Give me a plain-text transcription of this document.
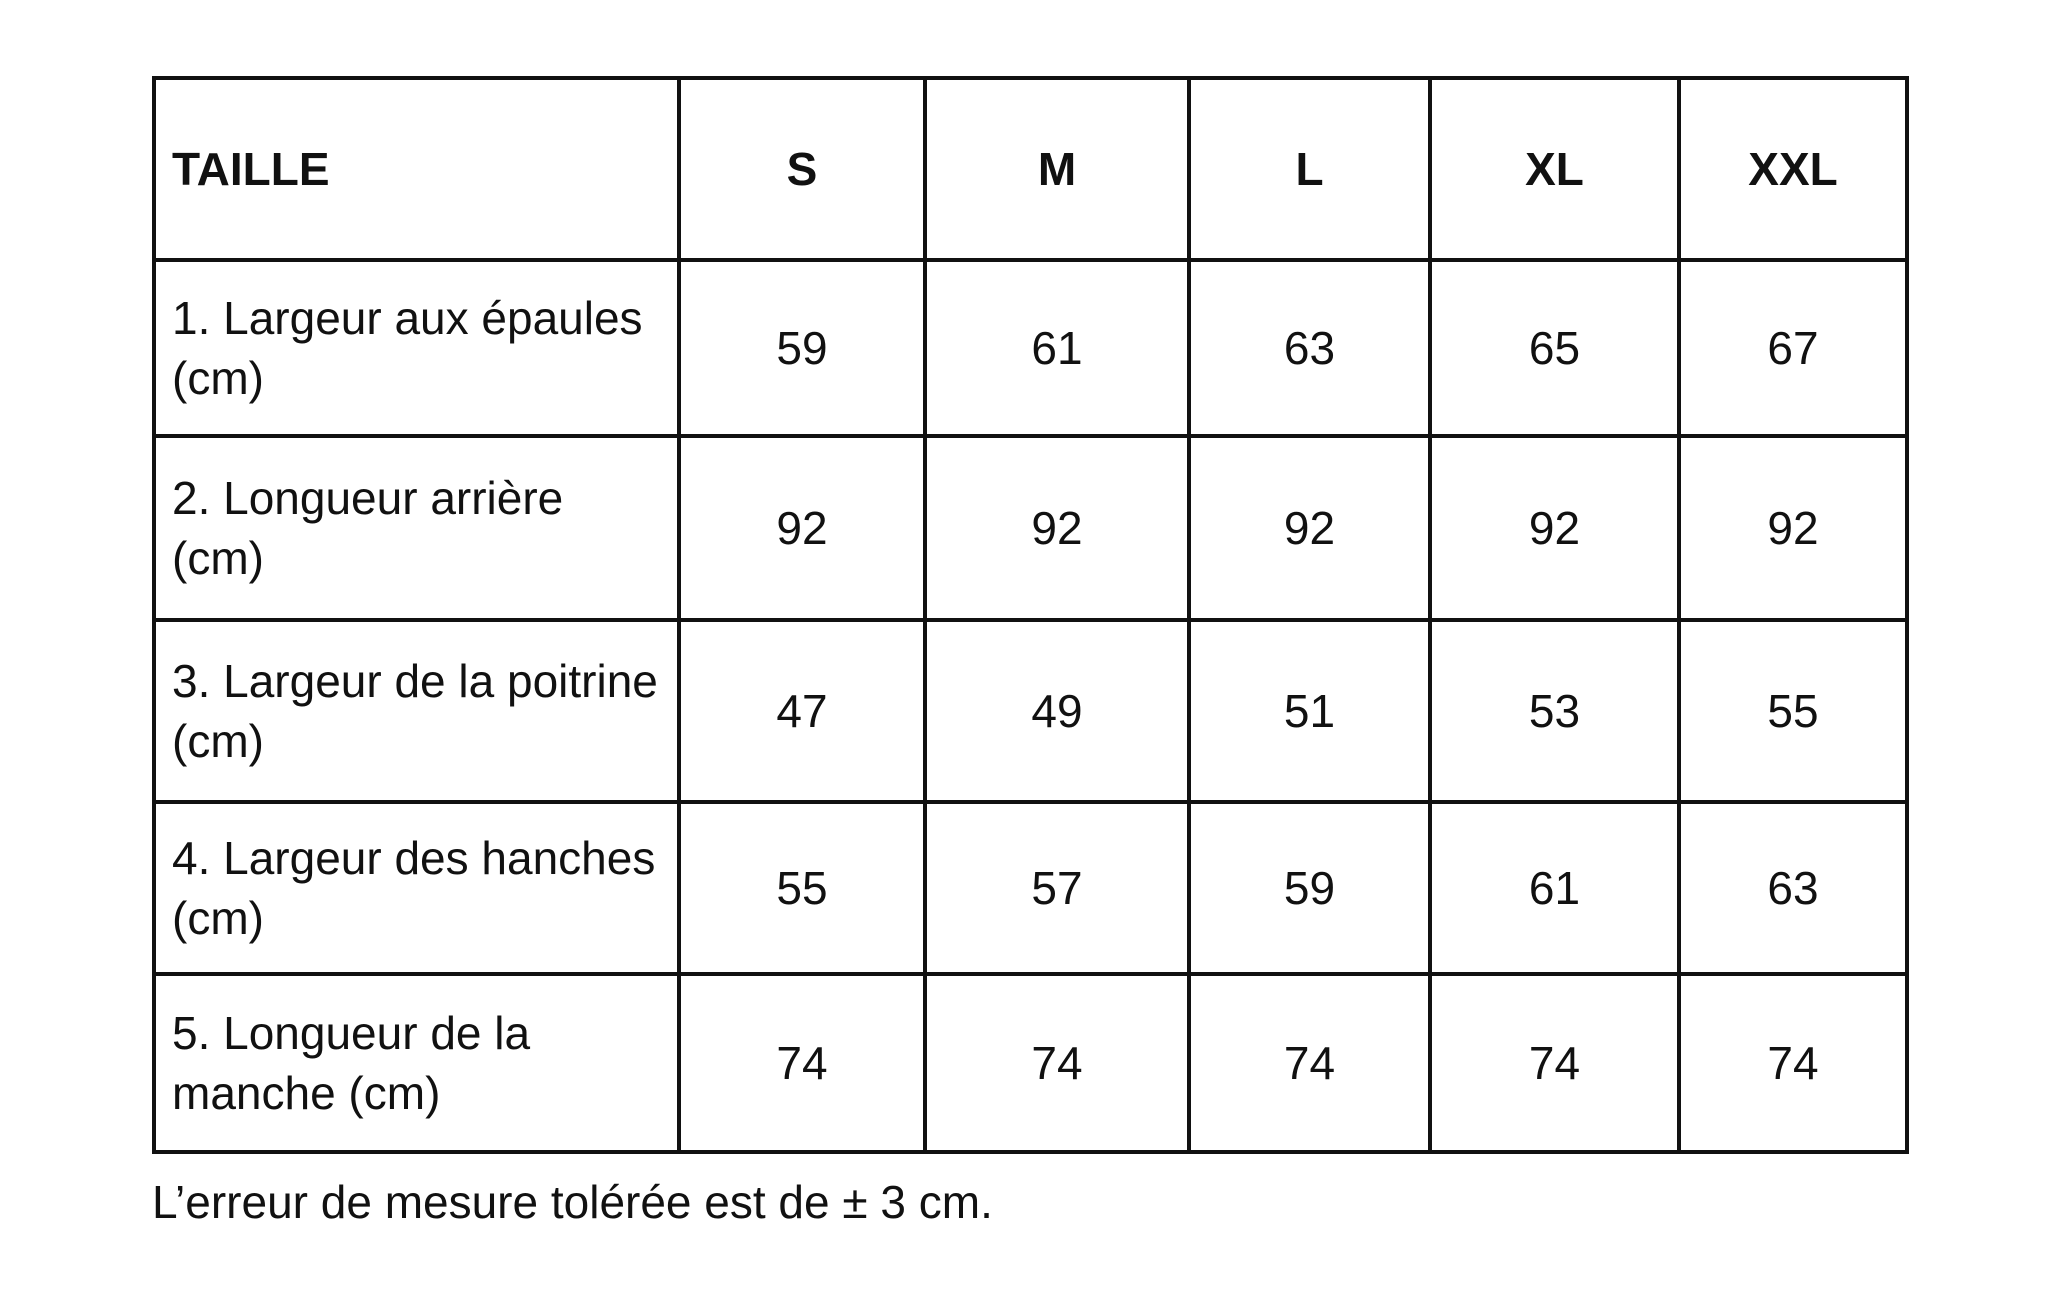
TAILLE	S	M	L	XL	XXL
1. Largeur aux épaules (cm)	59	61	63	65	67
2. Longueur arrière (cm)	92	92	92	92	92
3. Largeur de la poitrine (cm)	47	49	51	53	55
4. Largeur des hanches (cm)	55	57	59	61	63
5. Longueur de la manche (cm)	74	74	74	74	74
L’erreur de mesure tolérée est de ± 3 cm.
